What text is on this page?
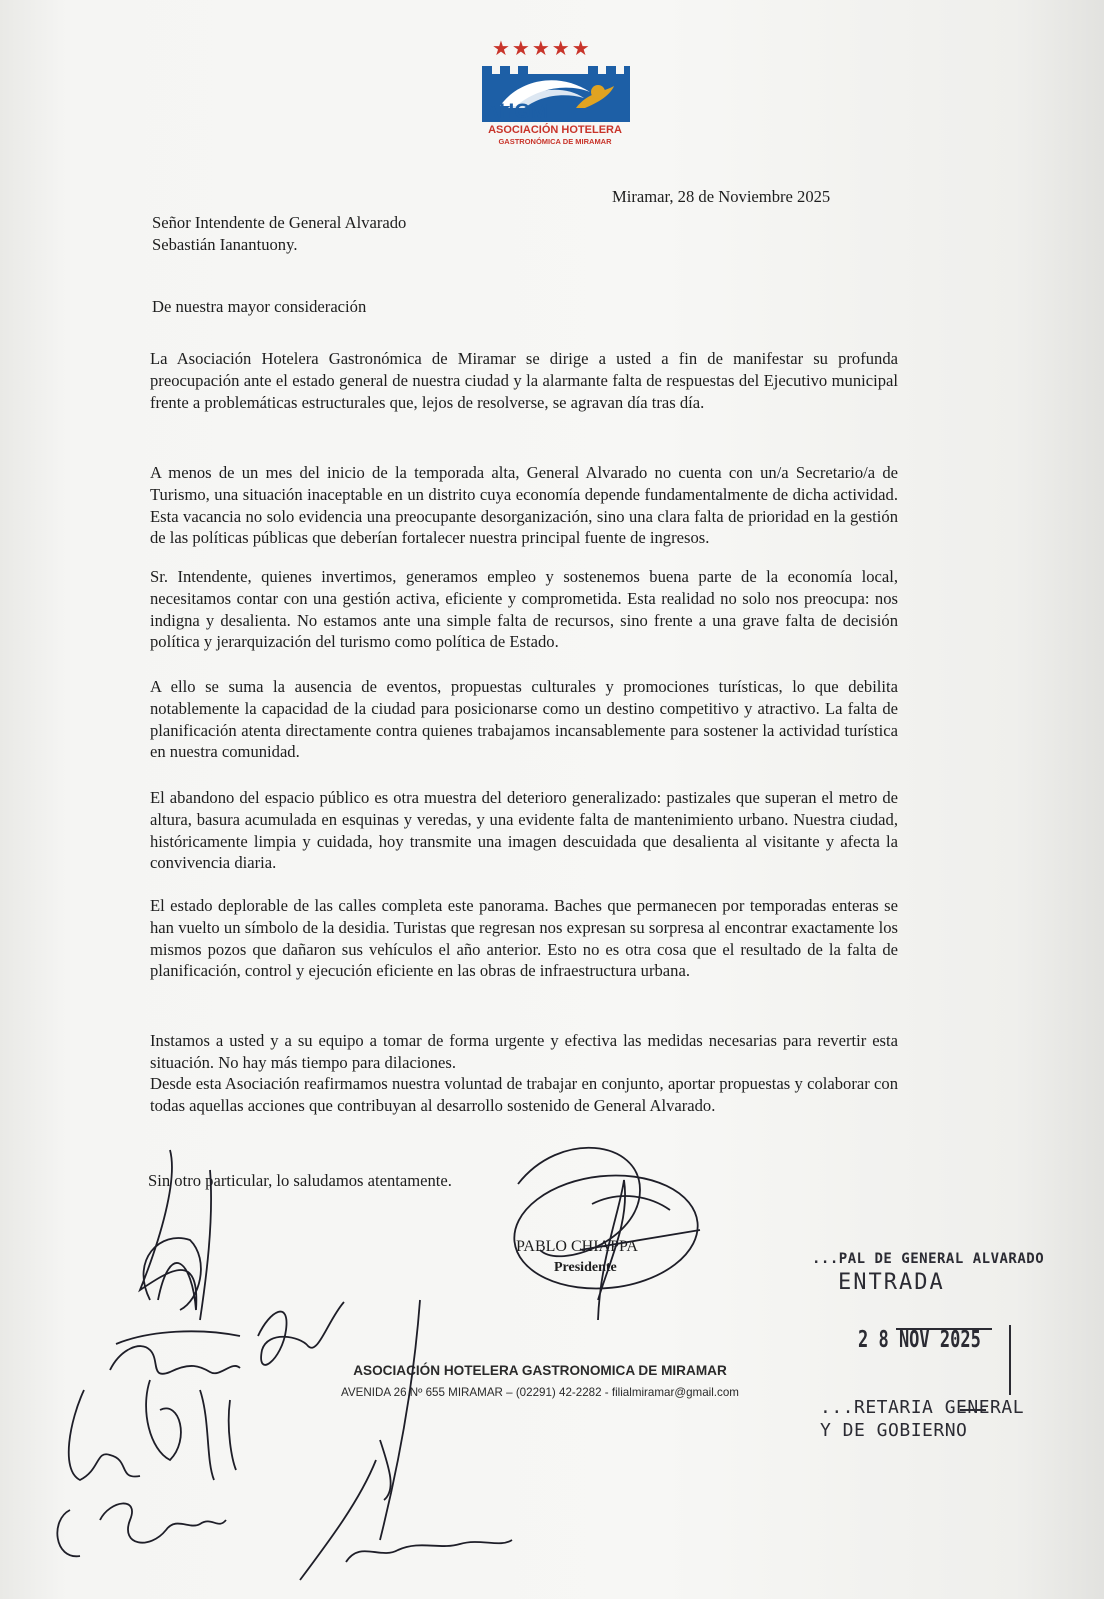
★★★★★
AHGM
ASOCIACIÓN HOTELERA
GASTRONÓMICA DE MIRAMAR
Miramar, 28 de Noviembre 2025
Señor Intendente de General Alvarado
Sebastián Ianantuony.
De nuestra mayor consideración
La Asociación Hotelera Gastronómica de Miramar se dirige a usted a fin de manifestar su profunda preocupación ante el estado general de nuestra ciudad y la alarmante falta de respuestas del Ejecutivo municipal frente a problemáticas estructurales que, lejos de resolverse, se agravan día tras día.
A menos de un mes del inicio de la temporada alta, General Alvarado no cuenta con un/a Secretario/a de Turismo, una situación inaceptable en un distrito cuya economía depende fundamentalmente de dicha actividad. Esta vacancia no solo evidencia una preocupante desorganización, sino una clara falta de prioridad en la gestión de las políticas públicas que deberían fortalecer nuestra principal fuente de ingresos.
Sr. Intendente, quienes invertimos, generamos empleo y sostenemos buena parte de la economía local, necesitamos contar con una gestión activa, eficiente y comprometida. Esta realidad no solo nos preocupa: nos indigna y desalienta. No estamos ante una simple falta de recursos, sino frente a una grave falta de decisión política y jerarquización del turismo como política de Estado.
A ello se suma la ausencia de eventos, propuestas culturales y promociones turísticas, lo que debilita notablemente la capacidad de la ciudad para posicionarse como un destino competitivo y atractivo. La falta de planificación atenta directamente contra quienes trabajamos incansablemente para sostener la actividad turística en nuestra comunidad.
El abandono del espacio público es otra muestra del deterioro generalizado: pastizales que superan el metro de altura, basura acumulada en esquinas y veredas, y una evidente falta de mantenimiento urbano. Nuestra ciudad, históricamente limpia y cuidada, hoy transmite una imagen descuidada que desalienta al visitante y afecta la convivencia diaria.
El estado deplorable de las calles completa este panorama. Baches que permanecen por temporadas enteras se han vuelto un símbolo de la desidia. Turistas que regresan nos expresan su sorpresa al encontrar exactamente los mismos pozos que dañaron sus vehículos el año anterior. Esto no es otra cosa que el resultado de la falta de planificación, control y ejecución eficiente en las obras de infraestructura urbana.
Instamos a usted y a su equipo a tomar de forma urgente y efectiva las medidas necesarias para revertir esta situación. No hay más tiempo para dilaciones.
Desde esta Asociación reafirmamos nuestra voluntad de trabajar en conjunto, aportar propuestas y colaborar con todas aquellas acciones que contribuyan al desarrollo sostenido de General Alvarado.
Sin otro particular, lo saludamos atentamente.
PABLO CHIAPPA
Presidente
ASOCIACIÓN HOTELERA GASTRONOMICA DE MIRAMAR
AVENIDA 26 Nº 655 MIRAMAR – (02291) 42-2282 - filialmiramar@gmail.com
...PAL DE GENERAL ALVARADO
ENTRADA
2 8 NOV 2025
...RETARIA GENERAL
Y DE GOBIERNO
